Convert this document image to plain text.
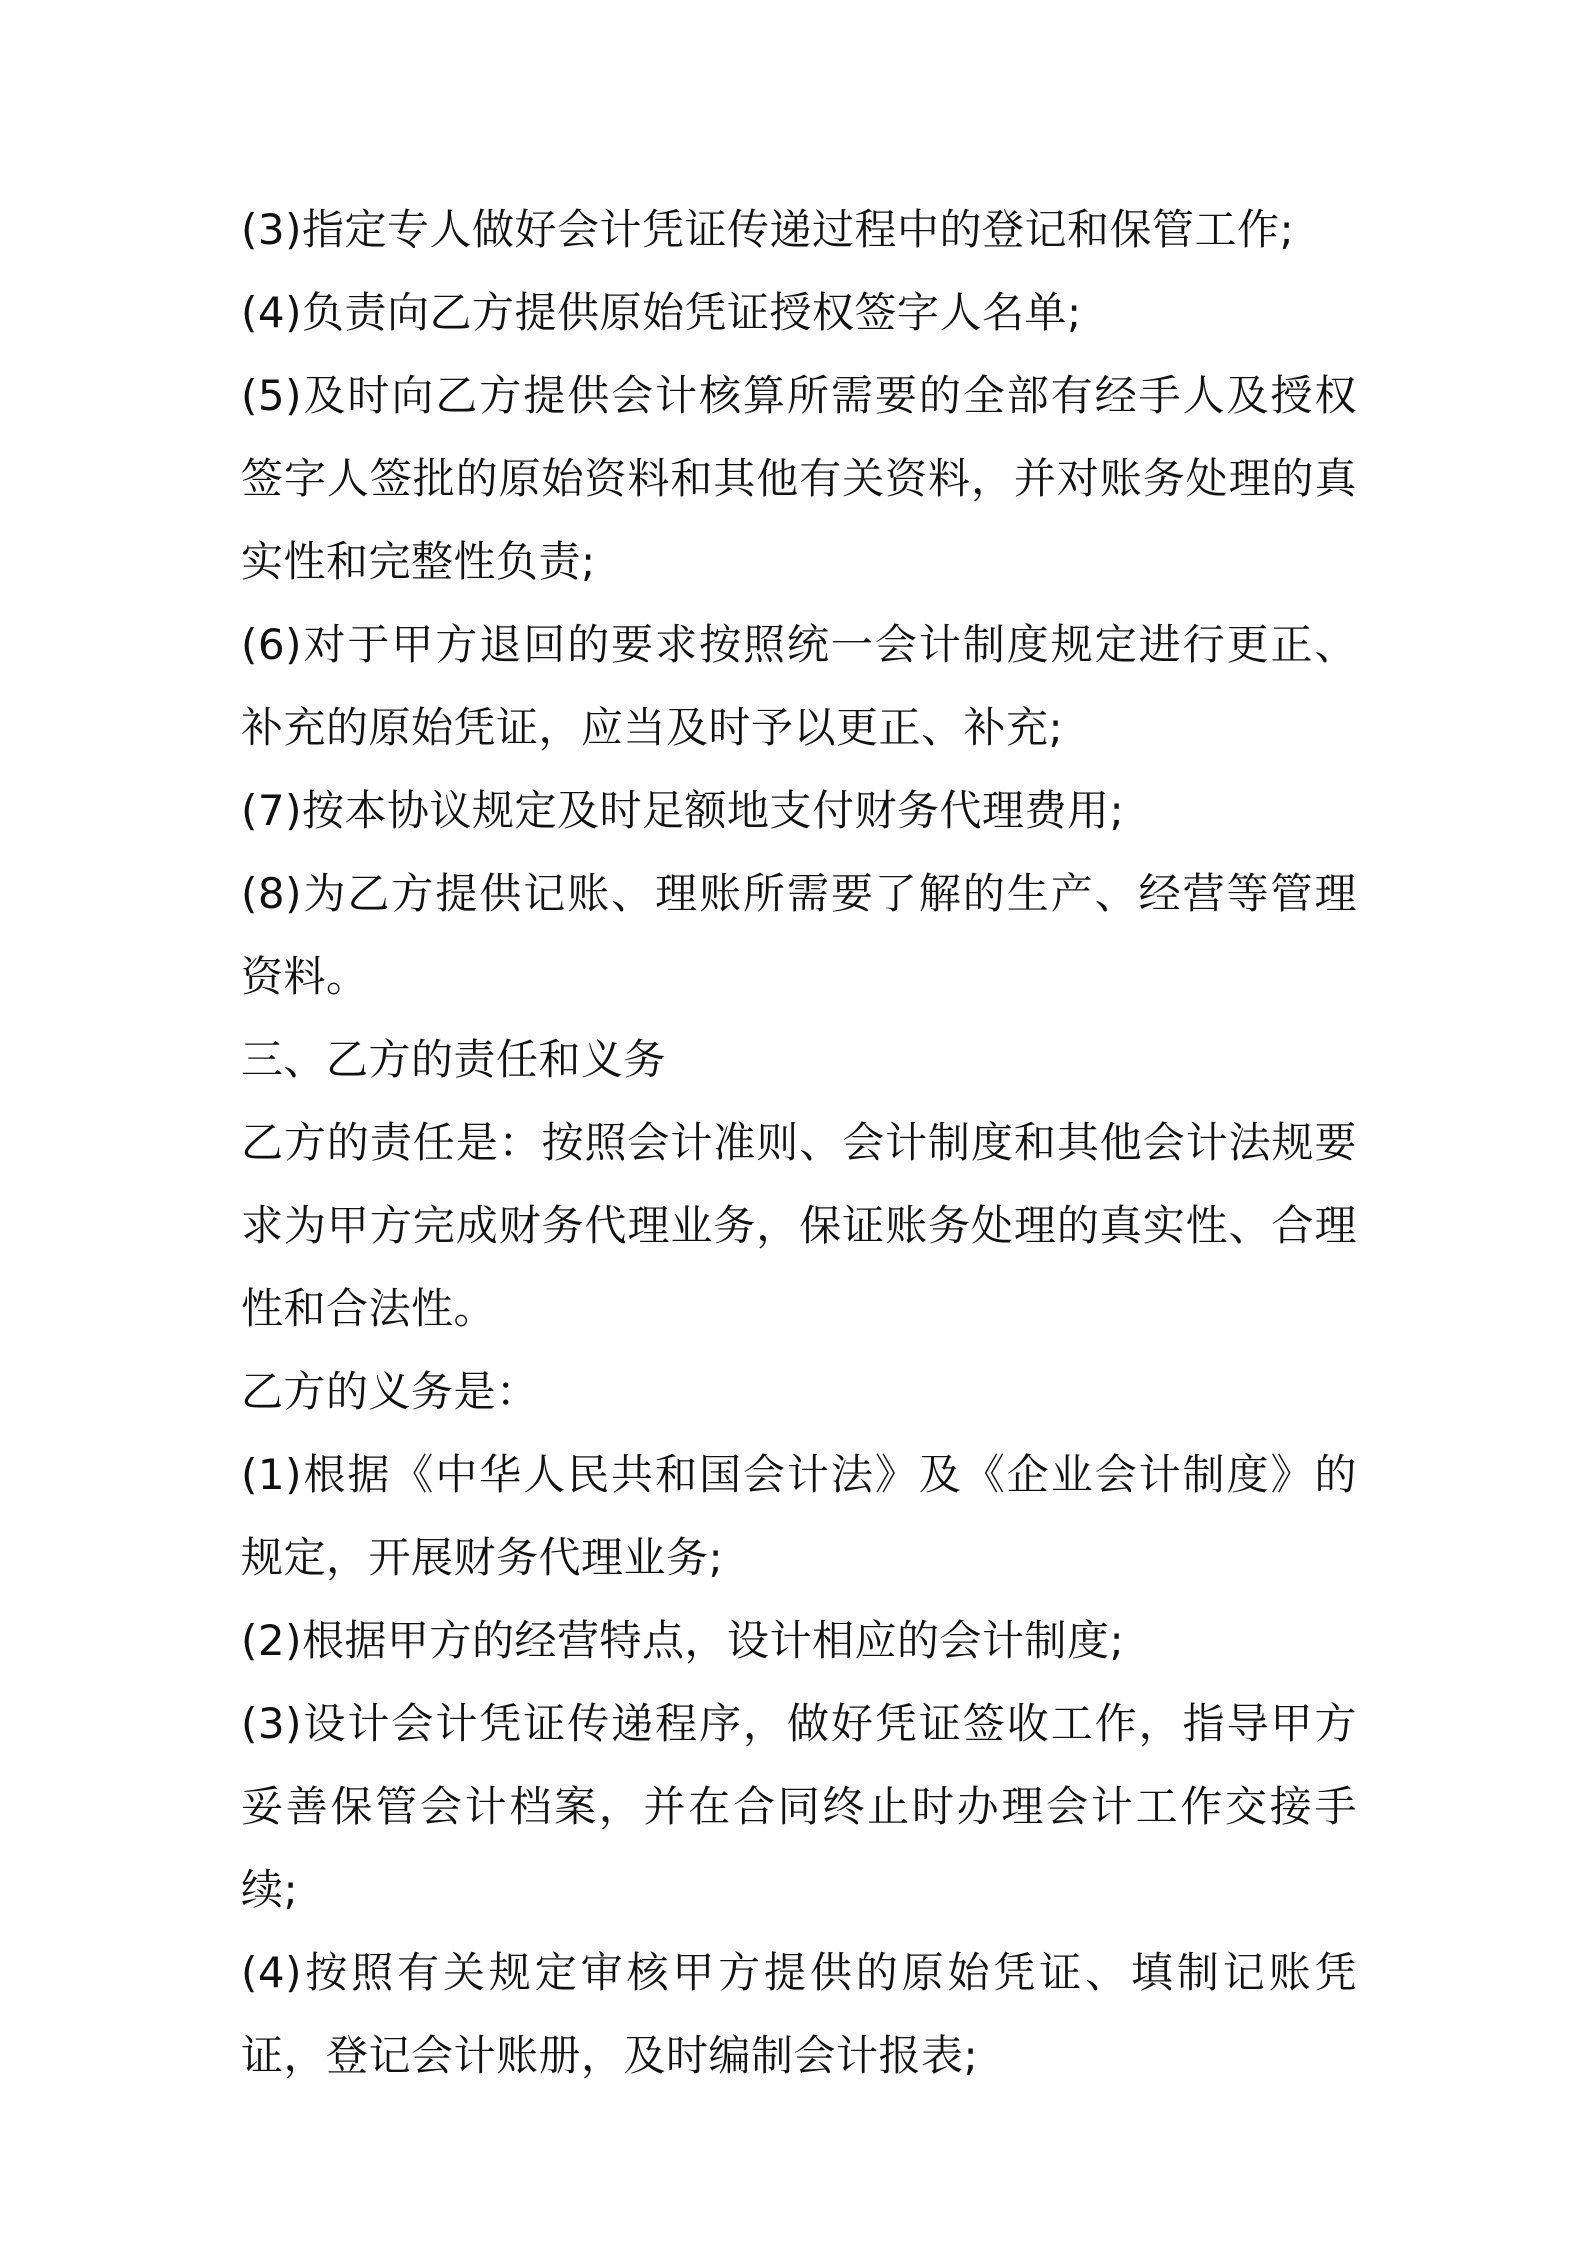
(3)指定专人做好会计凭证传递过程中的登记和保管工作;

(4)负责向乙方提供原始凭证授权签字人名单;

(5)及时向乙方提供会计核算所需要的全部有经手人及授权签字人签批的原始资料和其他有关资料，并对账务处理的真实性和完整性负责;

(6)对于甲方退回的要求按照统一会计制度规定进行更正、补充的原始凭证，应当及时予以更正、补充;

(7)按本协议规定及时足额地支付财务代理费用;

(8)为乙方提供记账、理账所需要了解的生产、经营等管理资料。

三、乙方的责任和义务

乙方的责任是：按照会计准则、会计制度和其他会计法规要求为甲方完成财务代理业务，保证账务处理的真实性、合理性和合法性。

乙方的义务是：

(1)根据《中华人民共和国会计法》及《企业会计制度》的规定，开展财务代理业务;

(2)根据甲方的经营特点，设计相应的会计制度;

(3)设计会计凭证传递程序，做好凭证签收工作，指导甲方妥善保管会计档案，并在合同终止时办理会计工作交接手续;

(4)按照有关规定审核甲方提供的原始凭证、填制记账凭证，登记会计账册，及时编制会计报表;
